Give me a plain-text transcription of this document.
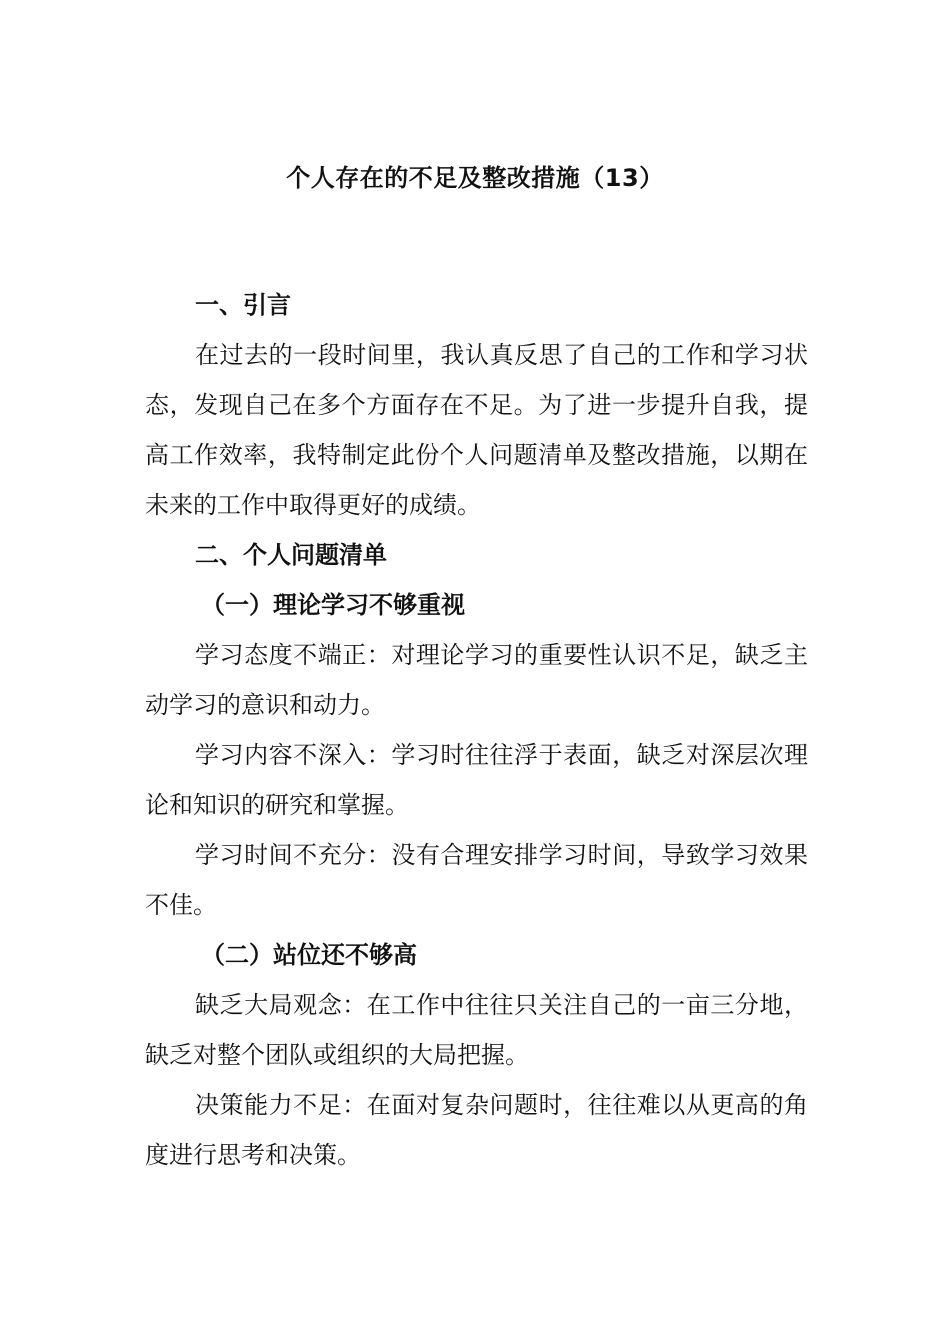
个人存在的不足及整改措施（13）

一、引言

在过去的一段时间里，我认真反思了自己的工作和学习状态，发现自己在多个方面存在不足。为了进一步提升自我，提高工作效率，我特制定此份个人问题清单及整改措施，以期在未来的工作中取得更好的成绩。

二、个人问题清单

（一）理论学习不够重视

学习态度不端正：对理论学习的重要性认识不足，缺乏主动学习的意识和动力。

学习内容不深入：学习时往往浮于表面，缺乏对深层次理论和知识的研究和掌握。

学习时间不充分：没有合理安排学习时间，导致学习效果不佳。

（二）站位还不够高

缺乏大局观念：在工作中往往只关注自己的一亩三分地，缺乏对整个团队或组织的大局把握。

决策能力不足：在面对复杂问题时，往往难以从更高的角度进行思考和决策。
